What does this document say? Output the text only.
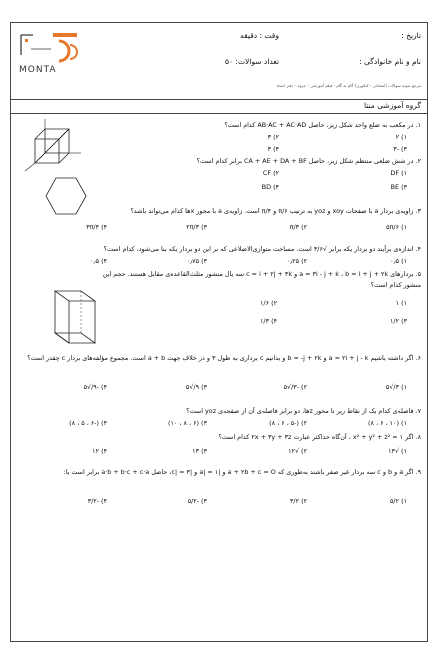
تاریخ :
وقت : دقیقه
نام و نام خانوادگی :
تعداد سوالات: ۵۰
MONTA
مرجع نمونه سوالات (امتحانی - کنکوری) گام به گام - فیلم آموزشی - جزوه - دفتر استاد
گروه آموزشی منتا
۱. در مکعب به ضلع واحد شکل زیر، حاصل AB·AC + AC·AD کدام است؟
۱) ۲
۲) ۳
۳) -۳
۴) ۳
۲. در شش ضلعی منتظم شکل زیر، حاصل CA + AE + DA + BF برابر کدام است؟
۱) DF
۲) CF
۳) BE
۴) BD
۳. زاویه‌ی بردار a با صفحات xoy و yoz به ترتیب π/۶ و π/۴ است. زاویه‌ی a با محور x‌ها کدام می‌تواند باشد؟
۱) ۵π/۶
۲) π/۳
۳) ۲π/۳
۴) ۳π/۴
۴. اندازه‌ی برآیند دو بردار یکه برابر √۳/۶ است. مساحت متوازی‌الاضلاعی که بر این دو بردار یکه بنا می‌شود، کدام است؟
۱) ۰٫۵
۲) ۰٫۲۵
۳) ۰٫۷۵
۴) ۰٫۵
۵. بردارهای a = ۳i - j + k ، b = i + j + ۲k و c = i + ۲j + ۳k سه یال منشور مثلث‌القاعده‌ی مقابل هستند. حجم این منشور کدام است؟
۱) ۱
۲) ۱/۶
۳) ۱/۲
۴) ۱/۳
۶. اگر داشته باشیم a = ۲i + j - k و b = -j + ۲k و بدانیم c برداری به طول ۳ و در خلاف جهت a + b است. مجموع مؤلفه‌های بردار c چقدر است؟
۱) ۳/√۵
۲) -۳/√۵
۳) ۹/√۵
۴) -۹/√۵
۷. فاصله‌ی کدام یک از نقاط زیر تا محور zها، دو برابر فاصله‌ی آن از صفحه‌ی yoz است؟
۱) (۱۰ ، ۶ ، ۸)
۲) (-۵ ، ۶ ، ۸)
۳) (۶ ، ۸ ، ۱۰)
۴) (-۶ ، ۵ ، ۸)
۸. اگر x² + y² + z² = ۱ ، آن‌گاه حداکثر عبارت ۲x + ۳y + ۳z کدام است؟
۱) √۱۳
۲) √۱۲
۳) ۱۳
۴) ۱۲
۹. اگر a و b و c سه بردار غیر صفر باشند به‌طوری که a + ۲b + c = O و |a| = ۱ و |c| = ۳، حاصل a·b + b·c + c·a برابر است با:
۱) ۵/۲
۲) ۳/۲
۳) -۵/۲
۴) -۳/۲
